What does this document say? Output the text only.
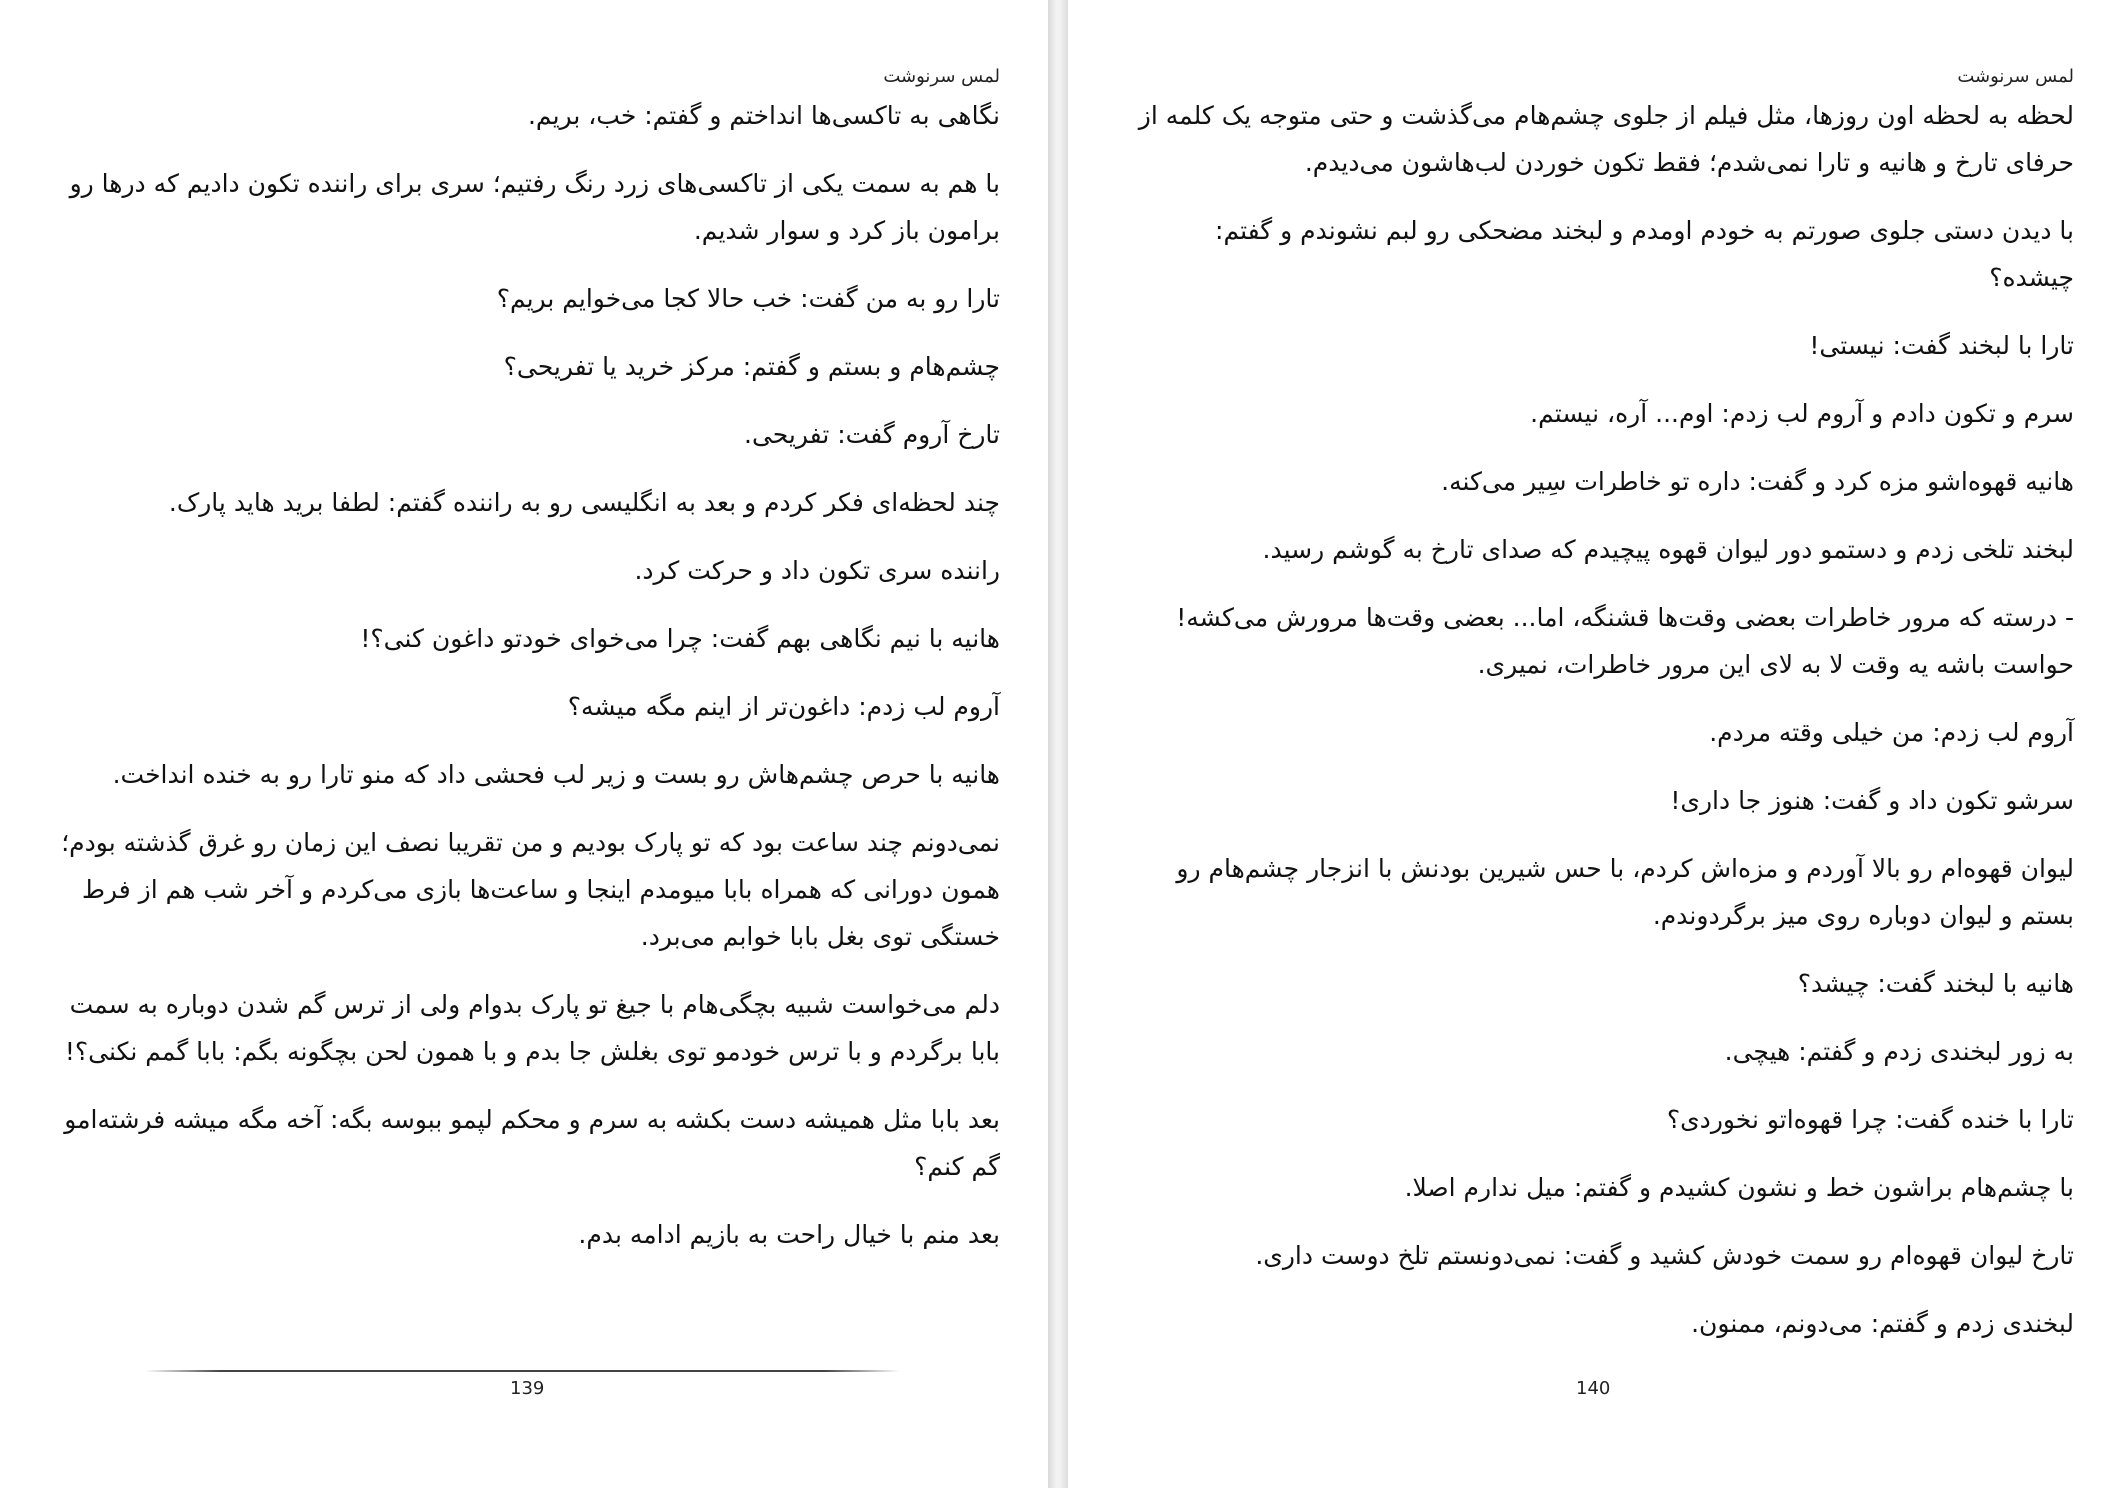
لمس سرنوشت

نگاهی به تاکسی‌ها انداختم و گفتم: خب، بریم.

با هم به سمت یکی از تاکسی‌های زرد رنگ رفتیم؛ سری برای راننده تکون دادیم که درها رو برامون باز کرد و سوار شدیم.

تارا رو به من گفت: خب حالا کجا می‌خوایم بریم؟

چشم‌هام و بستم و گفتم: مرکز خرید یا تفریحی؟

تارخ آروم گفت: تفریحی.

چند لحظه‌ای فکر کردم و بعد به انگلیسی رو به راننده گفتم: لطفا برید هاید پارک.

راننده سری تکون داد و حرکت کرد.

هانیه با نیم نگاهی بهم گفت: چرا می‌خوای خودتو داغون کنی؟!

آروم لب زدم: داغون‌تر از اینم مگه میشه؟

هانیه با حرص چشم‌هاش رو بست و زیر لب فحشی داد که منو تارا رو به خنده انداخت.

نمی‌دونم چند ساعت بود که تو پارک بودیم و من تقریبا نصف این زمان رو غرق گذشته بودم؛ همون دورانی که همراه بابا میومدم اینجا و ساعت‌ها بازی می‌کردم و آخر شب هم از فرط خستگی توی بغل بابا خوابم می‌برد.

دلم می‌خواست شبیه بچگی‌هام با جیغ تو پارک بدوام ولی از ترس گم شدن دوباره به سمت بابا برگردم و با ترس خودمو توی بغلش جا بدم و با همون لحن بچگونه بگم: بابا گمم نکنی؟!

بعد بابا مثل همیشه دست بکشه به سرم و محکم لپمو ببوسه بگه: آخه مگه میشه فرشته‌امو گم کنم؟

بعد منم با خیال راحت به بازیم ادامه بدم.

139
لمس سرنوشت

لحظه به لحظه اون روزها، مثل فیلم از جلوی چشم‌هام می‌گذشت و حتی متوجه یک کلمه از حرفای تارخ و هانیه و تارا نمی‌شدم؛ فقط تکون خوردن لب‌هاشون می‌دیدم.

با دیدن دستی جلوی صورتم به خودم اومدم و لبخند مضحکی رو لبم نشوندم و گفتم: چیشده؟

تارا با لبخند گفت: نیستی!

سرم و تکون دادم و آروم لب زدم: اوم... آره، نیستم.

هانیه قهوه‌اشو مزه کرد و گفت: داره تو خاطرات سِیر می‌کنه.

لبخند تلخی زدم و دستمو دور لیوان قهوه پیچیدم که صدای تارخ به گوشم رسید.

- درسته که مرور خاطرات بعضی وقت‌ها قشنگه، اما... بعضی وقت‌ها مرورش می‌کشه! حواست باشه یه وقت لا به لای این مرور خاطرات، نمیری.

آروم لب زدم: من خیلی وقته مردم.

سرشو تکون داد و گفت: هنوز جا داری!

لیوان قهوه‌ام رو بالا آوردم و مزه‌اش کردم، با حس شیرین بودنش با انزجار چشم‌هام رو بستم و لیوان دوباره روی میز برگردوندم.

هانیه با لبخند گفت: چیشد؟

به زور لبخندی زدم و گفتم: هیچی.

تارا با خنده گفت: چرا قهوه‌اتو نخوردی؟

با چشم‌هام براشون خط و نشون کشیدم و گفتم: میل ندارم اصلا.

تارخ لیوان قهوه‌ام رو سمت خودش کشید و گفت: نمی‌دونستم تلخ دوست داری.

لبخندی زدم و گفتم: می‌دونم، ممنون.

140
